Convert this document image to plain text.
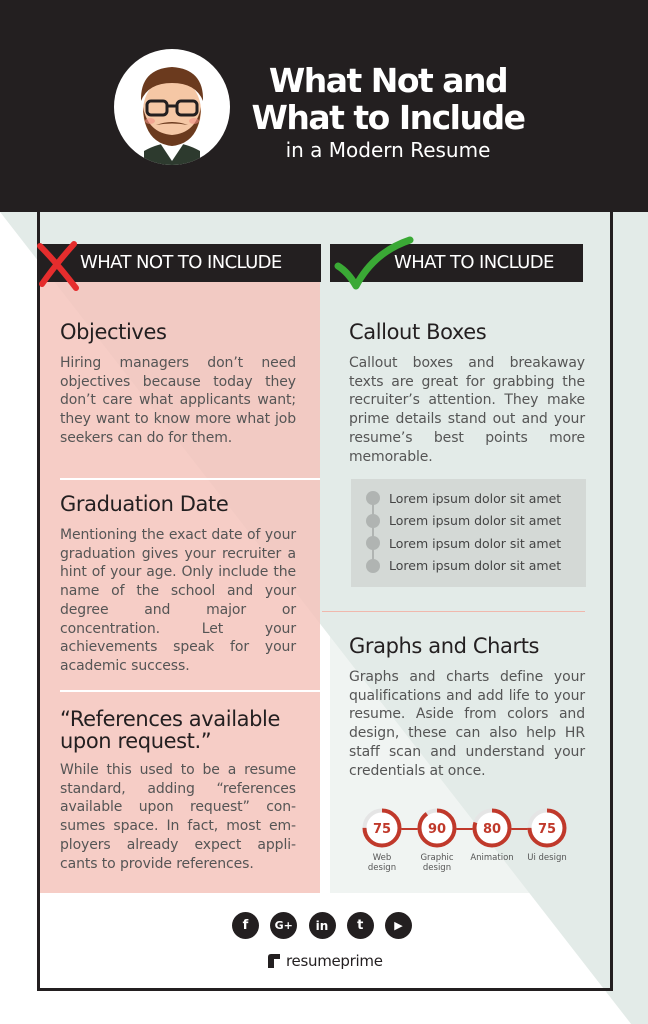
What Not and
What to Include
in a Modern Resume
WHAT NOT TO INCLUDE	WHAT TO INCLUDE
Objectives
Hiring managers don’t need objectives because today they don’t care what applicants want; they want to know more what job seekers can do for them.
Graduation Date
Mentioning the exact date of your graduation gives your recruiter a hint of your age. Only include the name of the school and your degree and major or concentration. Let your achievements speak for your academic success.
“References available
upon request.”
While this used to be a resume standard, adding “references available upon request” con-sumes space. In fact, most em-ployers already expect appli-cants to provide references.
Callout Boxes
Callout boxes and breakaway texts are great for grabbing the recruiter’s attention. They make prime details stand out and your resume’s best points more memorable.
Lorem ipsum dolor sit amet
Lorem ipsum dolor sit amet
Lorem ipsum dolor sit amet
Lorem ipsum dolor sit amet
Graphs and Charts
Graphs and charts define your qualifications and add life to your resume. Aside from colors and design, these can also help HR staff scan and understand your credentials at once.
75
Web
design
90
Graphic
design
80
Animation
75
Ui design
f	G+	in	t	▶
resumeprime
